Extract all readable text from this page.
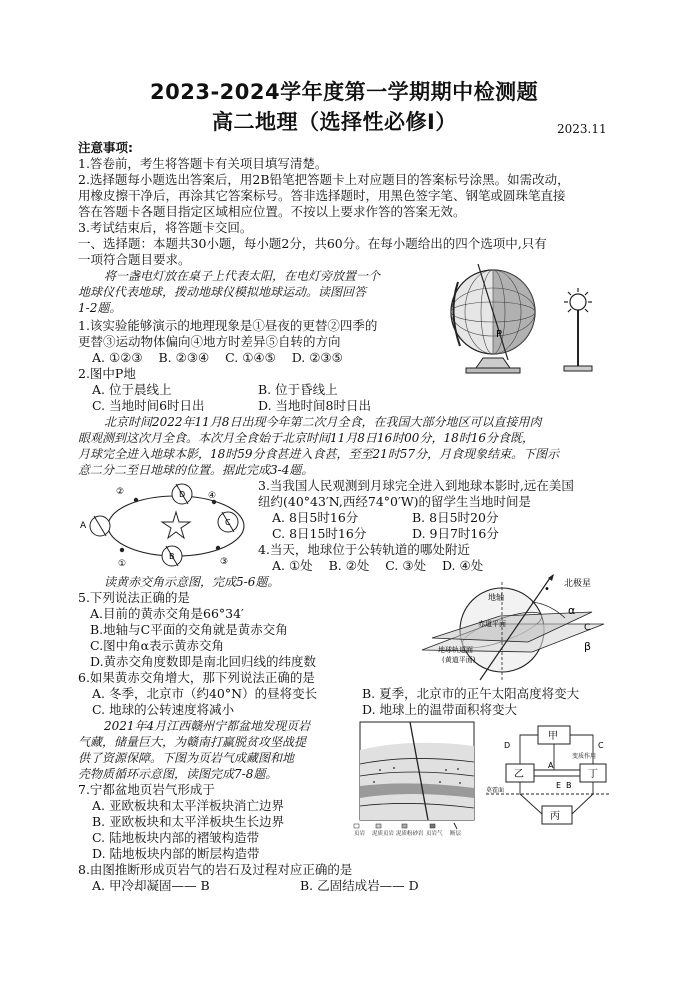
2023-2024学年度第一学期期中检测题
高二地理（选择性必修Ⅰ）	2023.11
注意事项:
1.答卷前，考生将答题卡有关项目填写清楚。
2.选择题每小题选出答案后，用2B铅笔把答题卡上对应题目的答案标号涂黑。如需改动，
用橡皮擦干净后，再涂其它答案标号。答非选择题时，用黑色签字笔、钢笔或圆珠笔直接
答在答题卡各题目指定区域相应位置。不按以上要求作答的答案无效。
3.考试结束后，将答题卡交回。
一、选择题：本题共30小题，每小题2分，共60分。在每小题给出的四个选项中,只有
一项符合题目要求。
将一盏电灯放在桌子上代表太阳，在电灯旁放置一个
地球仪代表地球，拨动地球仪模拟地球运动。读图回答
1-2题。
1.该实验能够演示的地理现象是①昼夜的更替②四季的
更替③运动物体偏向④地方时差异⑤自转的方向
A. ①②③    B. ②③④    C. ①④⑤    D. ②③⑤
2.图中P地
A. 位于晨线上	B. 位于昏线上
C. 当地时间6时日出	D. 当地时间8时日出
P
北京时间2022年11月8日出现今年第二次月全食，在我国大部分地区可以直接用肉
眼观测到这次月全食。本次月全食始于北京时间11月8日16时00分，18时16分食既，
月球完全进入地球本影，18时59分食甚进入食甚，至至21时57分，月食现象结束。下图示
意二分二至日地球的位置。据此完成3-4题。
②	④
①	③
A
D
C
B
3.当我国人民观测到月球完全进入到地球本影时,远在美国
纽约(40°43′N,西经74°0′W)的留学生当地时间是
A. 8日5时16分	B. 8日5时20分
C. 8日15时16分	D. 9日7时16分
4.当天，地球位于公转轨道的哪处附近
A. ①处    B. ②处    C. ③处    D. ④处
读黄赤交角示意图，完成5-6题。
5.下列说法正确的是
A.目前的黄赤交角是66°34′
B.地轴与C平面的交角就是黄赤交角
C.图中角α表示黄赤交角
D.黄赤交角度数即是南北回归线的纬度数
北极星
•
地轴
赤道平面
地球轨道面
(黄道平面)
α
β
C
6.如果黄赤交角增大，那下列说法正确的是
A. 冬季，北京市（约40°N）的昼将变长	B. 夏季，北京市的正午太阳高度将变大
C. 地球的公转速度将减小	D. 地球上的温带面积将变大
2021年4月江西赣州宁都盆地发现页岩
气藏，储量巨大，为赣南打赢脱贫攻坚战提
供了资源保障。下图为页岩气成藏图和地
壳物质循环示意图，读图完成7-8题。
页岩 泥质页岩 泥质粉砂岩 页岩气 断层
甲
乙	丁
丙
D	C
A
E B
变质作用
莫霍面
7.宁都盆地页岩气形成于
A. 亚欧板块和太平洋板块消亡边界
B. 亚欧板块和太平洋板块生长边界
C. 陆地板块内部的褶皱构造带
D. 陆地板块内部的断层构造带
8.由图推断形成页岩气的岩石及过程对应正确的是
A. 甲冷却凝固—— B	B. 乙固结成岩—— D
